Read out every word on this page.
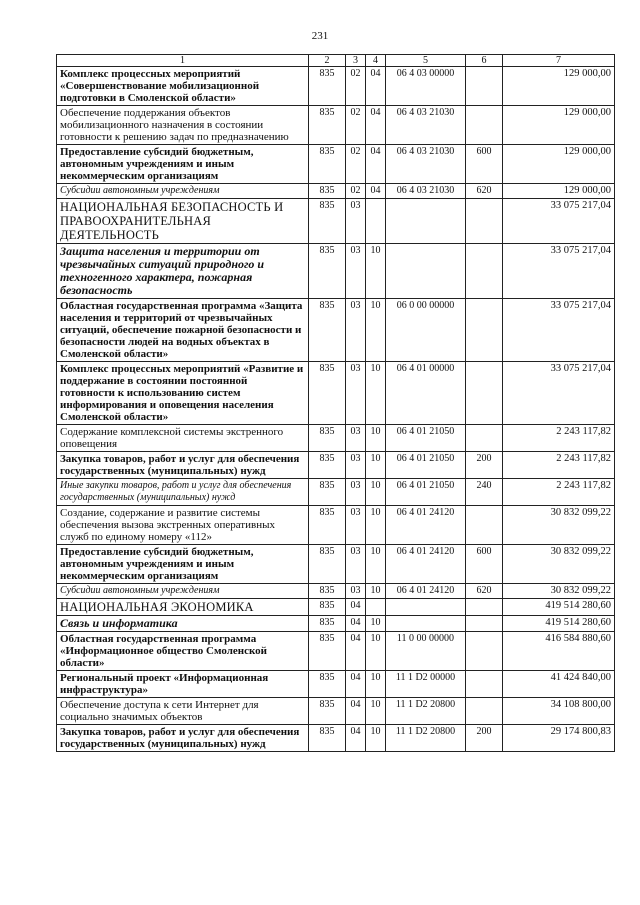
231
1	2	3	4	5	6	7
Комплекс процессных мероприятий «Совершенствование мобилизационной подготовки в Смоленской области»	835	02	04	06 4 03 00000		129 000,00
Обеспечение поддержания объектов мобилизационного назначения в состоянии готовности к решению задач по предназначению	835	02	04	06 4 03 21030		129 000,00
Предоставление субсидий бюджетным, автономным учреждениям и иным некоммерческим организациям	835	02	04	06 4 03 21030	600	129 000,00
Субсидии автономным учреждениям	835	02	04	06 4 03 21030	620	129 000,00
НАЦИОНАЛЬНАЯ БЕЗОПАСНОСТЬ И ПРАВООХРАНИТЕЛЬНАЯ ДЕЯТЕЛЬНОСТЬ	835	03				33 075 217,04
Защита населения и территории от чрезвычайных ситуаций природного и техногенного характера, пожарная безопасность	835	03	10			33 075 217,04
Областная государственная программа «Защита населения и территорий от чрезвычайных ситуаций, обеспечение пожарной безопасности и безопасности людей на водных объектах в Смоленской области»	835	03	10	06 0 00 00000		33 075 217,04
Комплекс процессных мероприятий «Развитие и поддержание в состоянии постоянной готовности к использованию систем информирования и оповещения населения Смоленской области»	835	03	10	06 4 01 00000		33 075 217,04
Содержание комплексной системы экстренного оповещения	835	03	10	06 4 01 21050		2 243 117,82
Закупка товаров, работ и услуг для обеспечения государственных (муниципальных) нужд	835	03	10	06 4 01 21050	200	2 243 117,82
Иные закупки товаров, работ и услуг для обеспечения государственных (муниципальных) нужд	835	03	10	06 4 01 21050	240	2 243 117,82
Создание, содержание и развитие системы обеспечения вызова экстренных оперативных служб по единому номеру «112»	835	03	10	06 4 01 24120		30 832 099,22
Предоставление субсидий бюджетным, автономным учреждениям и иным некоммерческим организациям	835	03	10	06 4 01 24120	600	30 832 099,22
Субсидии автономным учреждениям	835	03	10	06 4 01 24120	620	30 832 099,22
НАЦИОНАЛЬНАЯ ЭКОНОМИКА	835	04				419 514 280,60
Связь и информатика	835	04	10			419 514 280,60
Областная государственная программа «Информационное общество Смоленской области»	835	04	10	11 0 00 00000		416 584 880,60
Региональный проект «Информационная инфраструктура»	835	04	10	11 1 D2 00000		41 424 840,00
Обеспечение доступа к сети Интернет для социально значимых объектов	835	04	10	11 1 D2 20800		34 108 800,00
Закупка товаров, работ и услуг для обеспечения государственных (муниципальных) нужд	835	04	10	11 1 D2 20800	200	29 174 800,83
